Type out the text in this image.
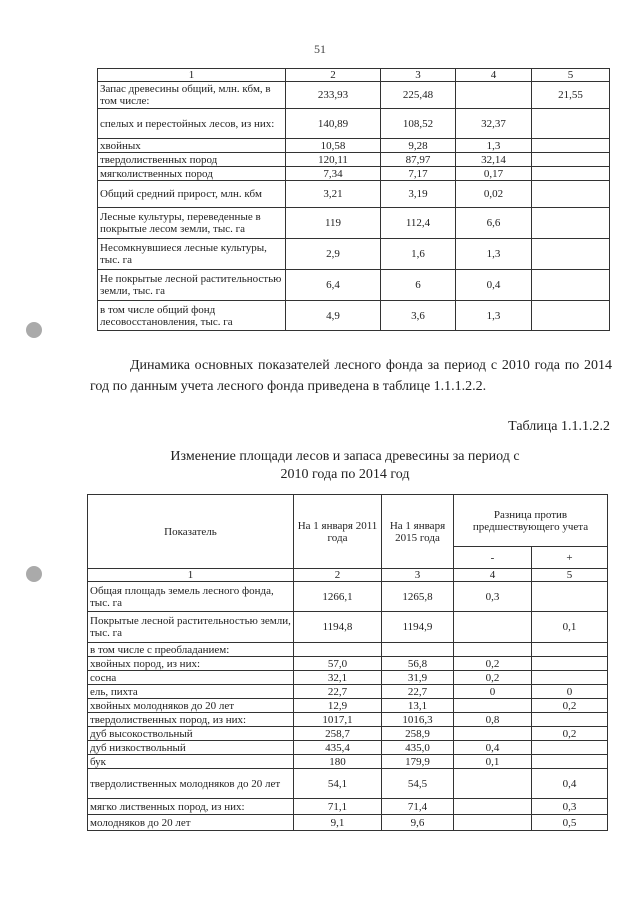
51
1	2	3	4	5
Запас древесины общий, млн. кбм, в том числе:	233,93	225,48		21,55
спелых и перестойных лесов, из них:	140,89	108,52	32,37	
хвойных	10,58	9,28	1,3	
твердолиственных пород	120,11	87,97	32,14	
мягколиственных пород	7,34	7,17	0,17	
Общий средний прирост, млн. кбм	3,21	3,19	0,02	
Лесные культуры, переведенные в покрытые лесом земли, тыс. га	119	112,4	6,6	
Несомкнувшиеся лесные культуры, тыс. га	2,9	1,6	1,3	
Не покрытые лесной растительностью земли, тыс. га	6,4	6	0,4	
в том числе общий фонд лесовосстановления, тыс. га	4,9	3,6	1,3	
Динамика основных показателей лесного фонда за период с 2010 года по 2014 год по данным учета лесного фонда приведена в таблице 1.1.1.2.2.
Таблица 1.1.1.2.2
Изменение площади лесов и запаса древесины за период с 2010 года по 2014 год
Показатель	На 1 января 2011 года	На 1 января 2015 года	Разница против предшествующего учета	
			-	+
1	2	3	4	5
Общая площадь земель лесного фонда, тыс. га	1266,1	1265,8	0,3	
Покрытые лесной растительностью земли, тыс. га	1194,8	1194,9		0,1
в том числе с преобладанием:				
хвойных пород, из них:	57,0	56,8	0,2	
сосна	32,1	31,9	0,2	
ель, пихта	22,7	22,7	0	0
хвойных молодняков до 20 лет	12,9	13,1		0,2
твердолиственных пород, из них:	1017,1	1016,3	0,8	
дуб высокоствольный	258,7	258,9		0,2
дуб низкоствольный	435,4	435,0	0,4	
бук	180	179,9	0,1	
твердолиственных молодняков до 20 лет	54,1	54,5		0,4
мягко лиственных пород, из них:	71,1	71,4		0,3
молодняков до 20 лет	9,1	9,6		0,5
